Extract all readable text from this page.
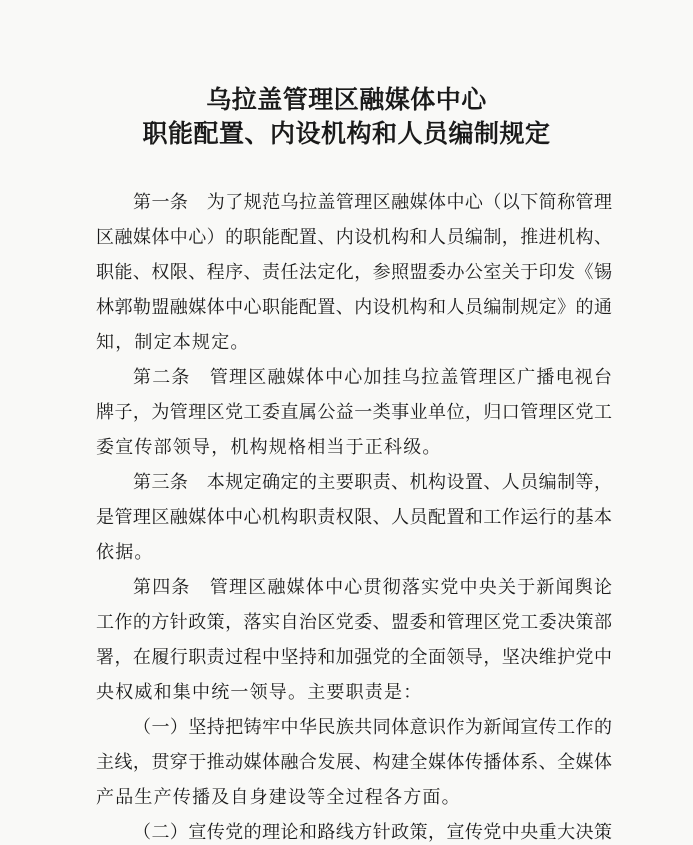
乌拉盖管理区融媒体中心
职能配置、内设机构和人员编制规定
第一条　为了规范乌拉盖管理区融媒体中心（以下简称管理
区融媒体中心）的职能配置、内设机构和人员编制，推进机构、
职能、权限、程序、责任法定化，参照盟委办公室关于印发《锡
林郭勒盟融媒体中心职能配置、内设机构和人员编制规定》的通
知，制定本规定。
第二条　管理区融媒体中心加挂乌拉盖管理区广播电视台
牌子，为管理区党工委直属公益一类事业单位，归口管理区党工
委宣传部领导，机构规格相当于正科级。
第三条　本规定确定的主要职责、机构设置、人员编制等，
是管理区融媒体中心机构职责权限、人员配置和工作运行的基本
依据。
第四条　管理区融媒体中心贯彻落实党中央关于新闻舆论
工作的方针政策，落实自治区党委、盟委和管理区党工委决策部
署，在履行职责过程中坚持和加强党的全面领导，坚决维护党中
央权威和集中统一领导。主要职责是：
（一）坚持把铸牢中华民族共同体意识作为新闻宣传工作的
主线，贯穿于推动媒体融合发展、构建全媒体传播体系、全媒体
产品生产传播及自身建设等全过程各方面。
（二）宣传党的理论和路线方针政策，宣传党中央重大决策
